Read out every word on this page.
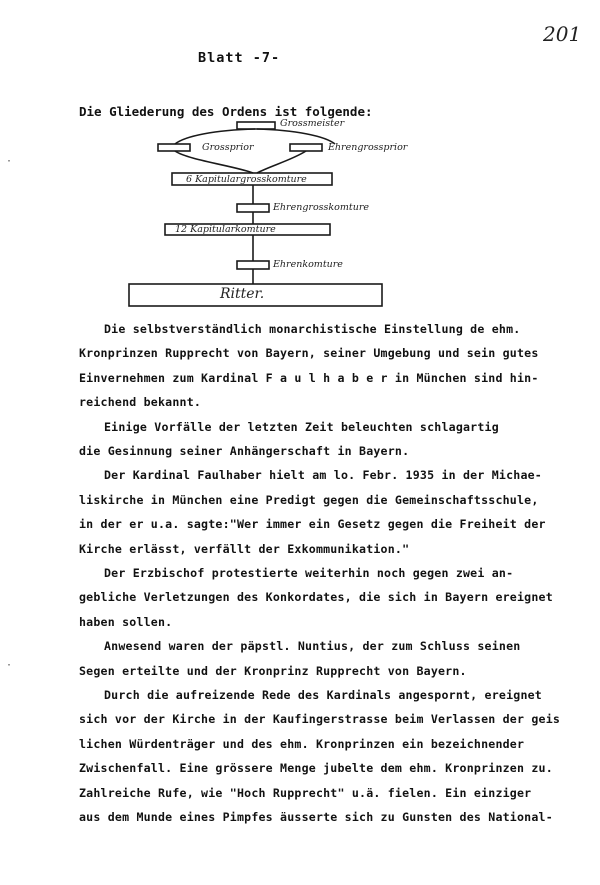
201
Blatt -7-
Die Gliederung des Ordens ist folgende:
Grossmeister
Grossprior	Ehrengrossprior
6 Kapitulargrosskomture
Ehrengrosskomture
12 Kapitularkomture
Ehrenkomture
Ritter.
Die selbstverständlich monarchistische Einstellung de ehm.
Kronprinzen Rupprecht von Bayern, seiner Umgebung und sein gutes
Einvernehmen zum Kardinal F a u l h a b e r in München sind hin-
reichend bekannt.
Einige Vorfälle der letzten Zeit beleuchten schlagartig
die Gesinnung seiner Anhängerschaft in Bayern.
Der Kardinal Faulhaber hielt am lo. Febr. 1935 in der Michae-
liskirche in München eine Predigt gegen die Gemeinschaftsschule,
in der er u.a. sagte:"Wer immer ein Gesetz gegen die Freiheit der
Kirche erlässt, verfällt der Exkommunikation."
Der Erzbischof protestierte weiterhin noch gegen zwei an-
gebliche Verletzungen des Konkordates, die sich in Bayern ereignet
haben sollen.
Anwesend waren der päpstl. Nuntius, der zum Schluss seinen
Segen erteilte und der Kronprinz Rupprecht von Bayern.
Durch die aufreizende Rede des Kardinals angespornt, ereignet
sich vor der Kirche in der Kaufingerstrasse beim Verlassen der geis
lichen Würdenträger und des ehm. Kronprinzen ein bezeichnender
Zwischenfall. Eine grössere Menge jubelte dem ehm. Kronprinzen zu.
Zahlreiche Rufe, wie "Hoch Rupprecht" u.ä. fielen. Ein einziger
aus dem Munde eines Pimpfes äusserte sich zu Gunsten des National-
·
·
